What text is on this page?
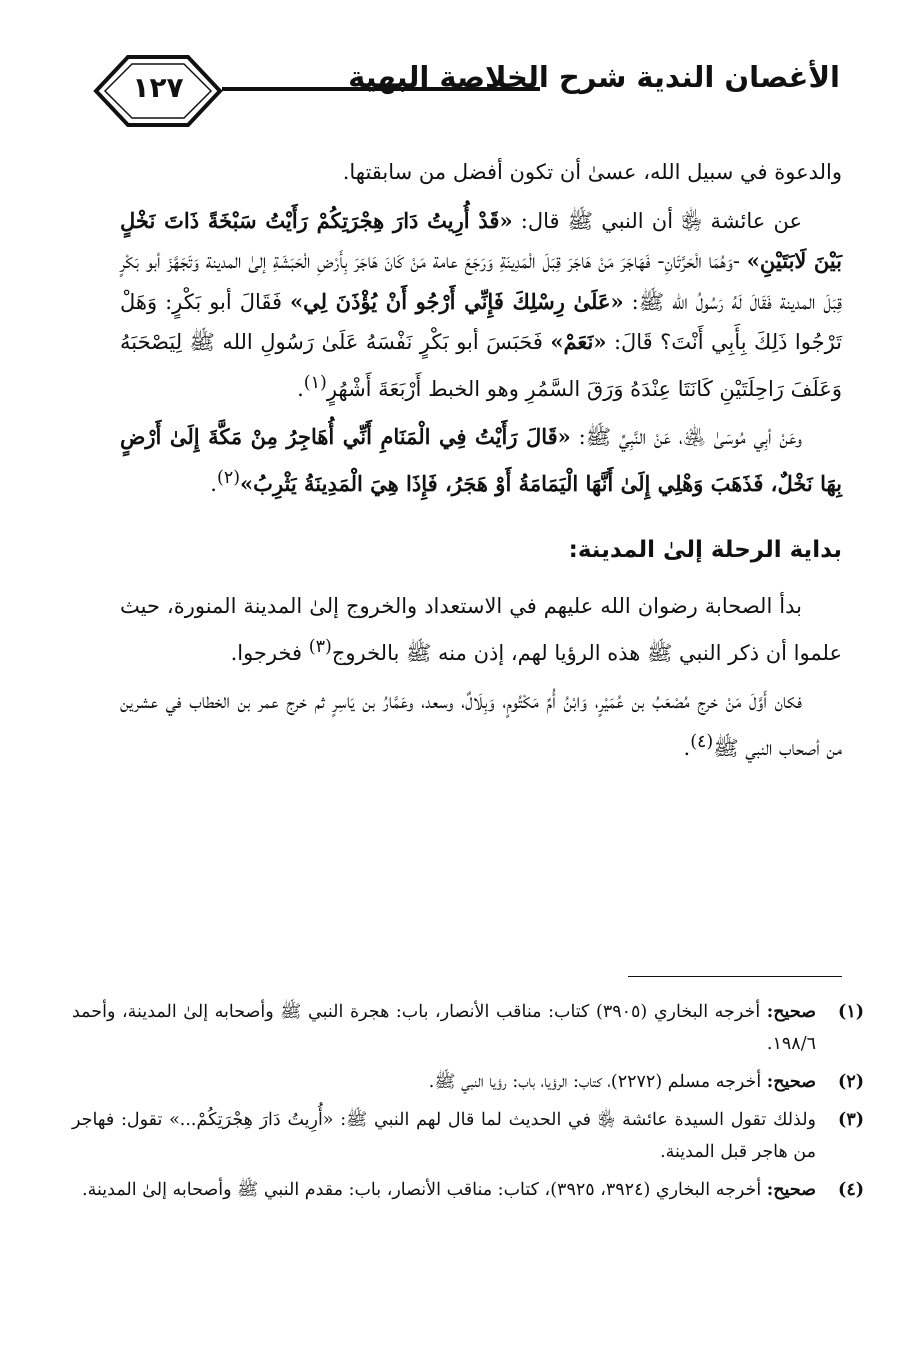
الأغصان الندية شرح الخلاصة البهية
١٢٧

والدعوة في سبيل الله، عسىٰ أن تكون أفضل من سابقتها.

عن عائشة ﵂ أن النبي ﷺ قال: «قَدْ أُرِيتُ دَارَ هِجْرَتِكُمْ رَأَيْتُ سَبْخَةً ذَاتَ نَخْلٍ بَيْنَ لَابَتَيْنِ» -وَهُمَا الْحَرَّتَانِ- فَهَاجَرَ مَنْ هَاجَرَ قِبَلَ الْمَدِينَةِ وَرَجَعَ عامة مَنْ كَانَ هَاجَرَ بِأَرْضِ الْحَبَشَةِ إلىٰ المدينة وَتَجَهَّزَ أبو بَكْرٍ قِبَلَ المدينة فَقَالَ لَهُ رَسُولُ الله ﷺ: «عَلَىٰ رِسْلِكَ فَإِنِّي أَرْجُو أَنْ يُؤْذَنَ لِي» فَقَالَ أبو بَكْرٍ: وَهَلْ تَرْجُوا ذَلِكَ بِأَبِي أَنْتَ؟ قَالَ: «نَعَمْ» فَحَبَسَ أبو بَكْرٍ نَفْسَهُ عَلَىٰ رَسُولِ الله ﷺ لِيَصْحَبَهُ وَعَلَفَ رَاحِلَتَيْنِ كَانَتَا عِنْدَهُ وَرَقَ السَّمُرِ وهو الخبط أَرْبَعَةَ أَشْهُرٍ$^{(١)}$.

وعَنْ أبِي مُوسَىٰ ﵁، عَنْ النَّبِيِّ ﷺ: «قَالَ رَأَيْتُ فِي الْمَنَامِ أَنِّي أُهَاجِرُ مِنْ مَكَّةَ إِلَىٰ أَرْضٍ بِهَا نَخْلٌ، فَذَهَبَ وَهْلِي إِلَىٰ أَنَّهَا الْيَمَامَةُ أَوْ هَجَرُ، فَإِذَا هِيَ الْمَدِينَةُ يَثْرِبُ»$^{(٢)}$.

بداية الرحلة إلىٰ المدينة:

بدأ الصحابة رضوان الله عليهم في الاستعداد والخروج إلىٰ المدينة المنورة، حيث علموا أن ذكر النبي ﷺ هذه الرؤيا لهم، إذن منه ﷺ بالخروج$^{(٣)}$ فخرجوا.

فكان أَوَّلَ مَنْ خرج مُصْعَبُ بن عُمَيْرٍ، وَابْنُ أُمِّ مَكْتُومٍ، وَبِلَالٌ، وسعد، وعَمَّارُ بن يَاسِرٍ ثم خرج عمر بن الخطاب في عشرين من أصحاب النبي ﷺ$^{(٤)}$.

(١)
صحيح: أخرجه البخاري (٣٩٠٥) كتاب: مناقب الأنصار، باب: هجرة النبي ﷺ وأصحابه إلىٰ المدينة، وأحمد ١٩٨/٦.
(٢)
صحيح: أخرجه مسلم (٢٢٧٢)، كتاب: الرؤيا، باب: رؤيا النبي ﷺ.
(٣)
ولذلك تقول السيدة عائشة ﵂ في الحديث لما قال لهم النبي ﷺ: «أُرِيتُ دَارَ هِجْرَتِكُمْ...» تقول: فهاجر من هاجر قبل المدينة.
(٤)
صحيح: أخرجه البخاري (٣٩٢٤، ٣٩٢٥)، كتاب: مناقب الأنصار، باب: مقدم النبي ﷺ وأصحابه إلىٰ المدينة.
